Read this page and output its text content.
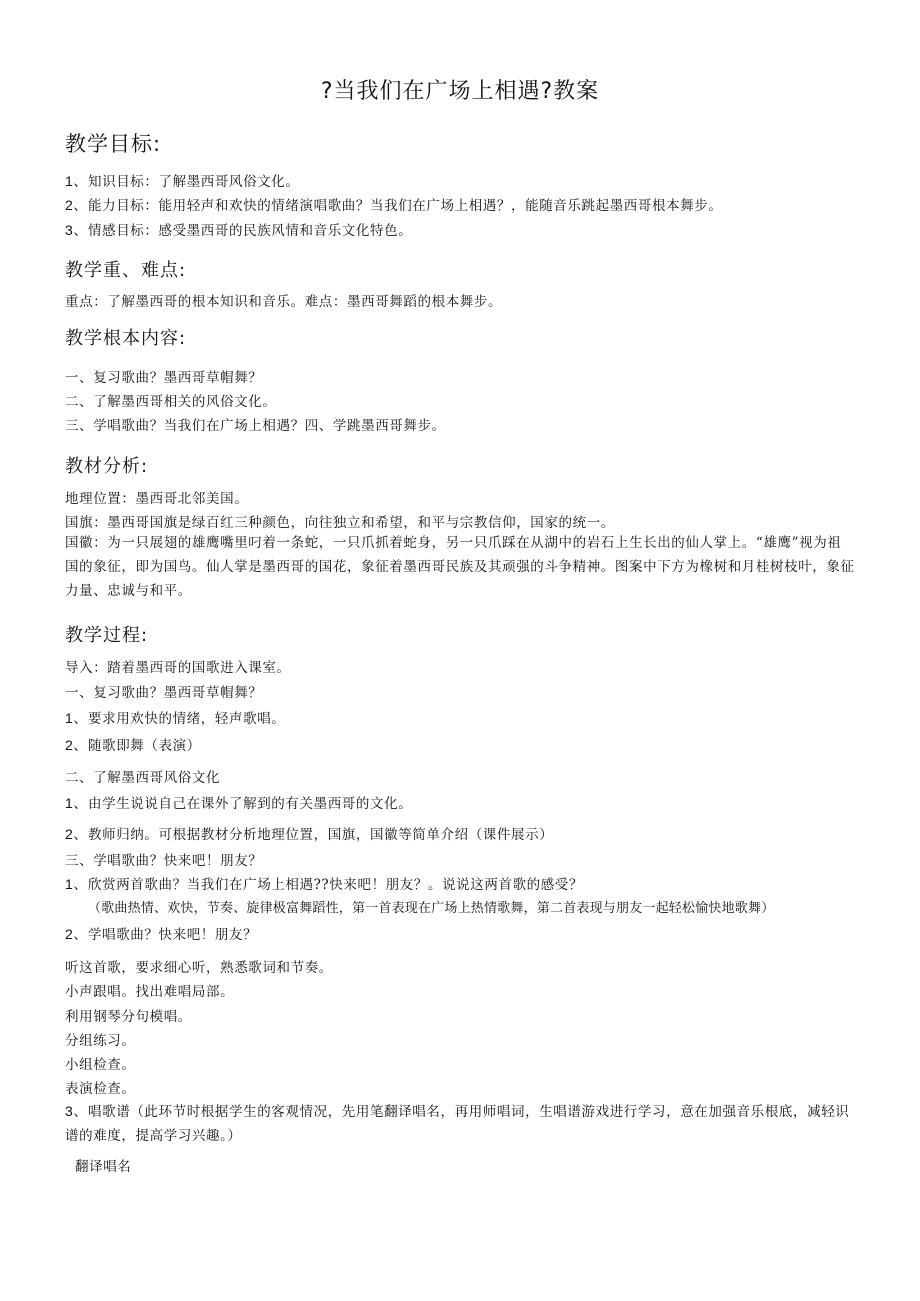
?当我们在广场上相遇?教案
教学目标:
1、知识目标：了解墨西哥风俗文化。
2、能力目标：能用轻声和欢快的情绪演唱歌曲？当我们在广场上相遇？，能随音乐跳起墨西哥根本舞步。
3、情感目标：感受墨西哥的民族风情和音乐文化特色。
教学重、难点:
重点：了解墨西哥的根本知识和音乐。难点：墨西哥舞蹈的根本舞步。
教学根本内容:
一、复习歌曲？墨西哥草帽舞？
二、了解墨西哥相关的风俗文化。
三、学唱歌曲？当我们在广场上相遇？四、学跳墨西哥舞步。
教材分析:
地理位置：墨西哥北邻美国。
国旗：墨西哥国旗是绿百红三种颜色，向往独立和希望，和平与宗教信仰，国家的统一。
国徽：为一只展翅的雄鹰嘴里叼着一条蛇，一只爪抓着蛇身，另一只爪踩在从湖中的岩石上生长出的仙人掌上。“雄鹰”视为祖国的象征，即为国鸟。仙人掌是墨西哥的国花，象征着墨西哥民族及其顽强的斗争精神。图案中下方为橡树和月桂树枝叶，象征力量、忠诚与和平。
教学过程:
导入：踏着墨西哥的国歌进入课室。
一、复习歌曲？墨西哥草帽舞？
1、要求用欢快的情绪，轻声歌唱。
2、随歌即舞（表演）
二、了解墨西哥风俗文化
1、由学生说说自己在课外了解到的有关墨西哥的文化。
2、教师归纳。可根据教材分析地理位置，国旗，国徽等简单介绍（课件展示）
三、学唱歌曲？快来吧！朋友？
1、欣赏两首歌曲？当我们在广场上相遇??快来吧！朋友？。说说这两首歌的感受？
（歌曲热情、欢快，节奏、旋律极富舞蹈性，第一首表现在广场上热情歌舞，第二首表现与朋友一起轻松愉快地歌舞）
2、学唱歌曲？快来吧！朋友？
听这首歌，要求细心听，熟悉歌词和节奏。
小声跟唱。找出难唱局部。
利用钢琴分句模唱。
分组练习。
小组检查。
表演检查。
3、唱歌谱（此环节时根据学生的客观情况，先用笔翻译唱名，再用师唱词，生唱谱游戏进行学习，意在加强音乐根底，减轻识谱的难度，提高学习兴趣。）
翻译唱名
